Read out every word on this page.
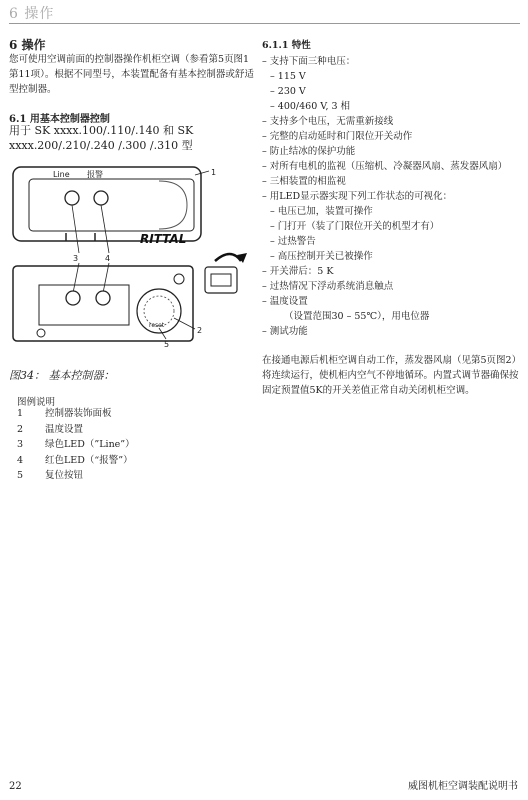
6 操作
6 操作
您可使用空调前面的控制器操作机柜空调（参看第5页图1第11项）。根据不同型号，本装置配备有基本控制器或舒适型控制器。
6.1 用基本控制器控制
用于 SK xxxx.100/.110/.140 和 SK
xxxx.200/.210/.240 /.300 /.310 型
Line 报警
RITTAL
1
3	4
reset
2
5
图34： 基本控制器：
图例说明
1	控制器装饰面板
2	温度设置
3	绿色LED（”Line”）
4	红色LED（“报警”）
5	复位按钮
6.1.1 特性
– 支持下面三种电压：
– 115 V
– 230 V
– 400/460 V, 3 相
– 支持多个电压，无需重新接线
– 完整的启动延时和门限位开关动作
– 防止结冰的保护功能
– 对所有电机的监视（压缩机、冷凝器风扇、蒸发器风扇）
– 三相装置的相监视
– 用LED显示器实现下列工作状态的可视化：
– 电压已加，装置可操作
– 门打开（装了门限位开关的机型才有）
– 过热警告
– 高压控制开关已被操作
– 开关滞后：5 K
– 过热情况下浮动系统消息触点
– 温度设置
（设置范围30 – 55℃），用电位器
– 测试功能
在接通电源后机柜空调自动工作，蒸发器风扇（见第5页图2）将连续运行，使机柜内空气不停地循环。内置式调节器确保按固定预置值5K的开关差值正常自动关闭机柜空调。
22	威图机柜空调装配说明书
